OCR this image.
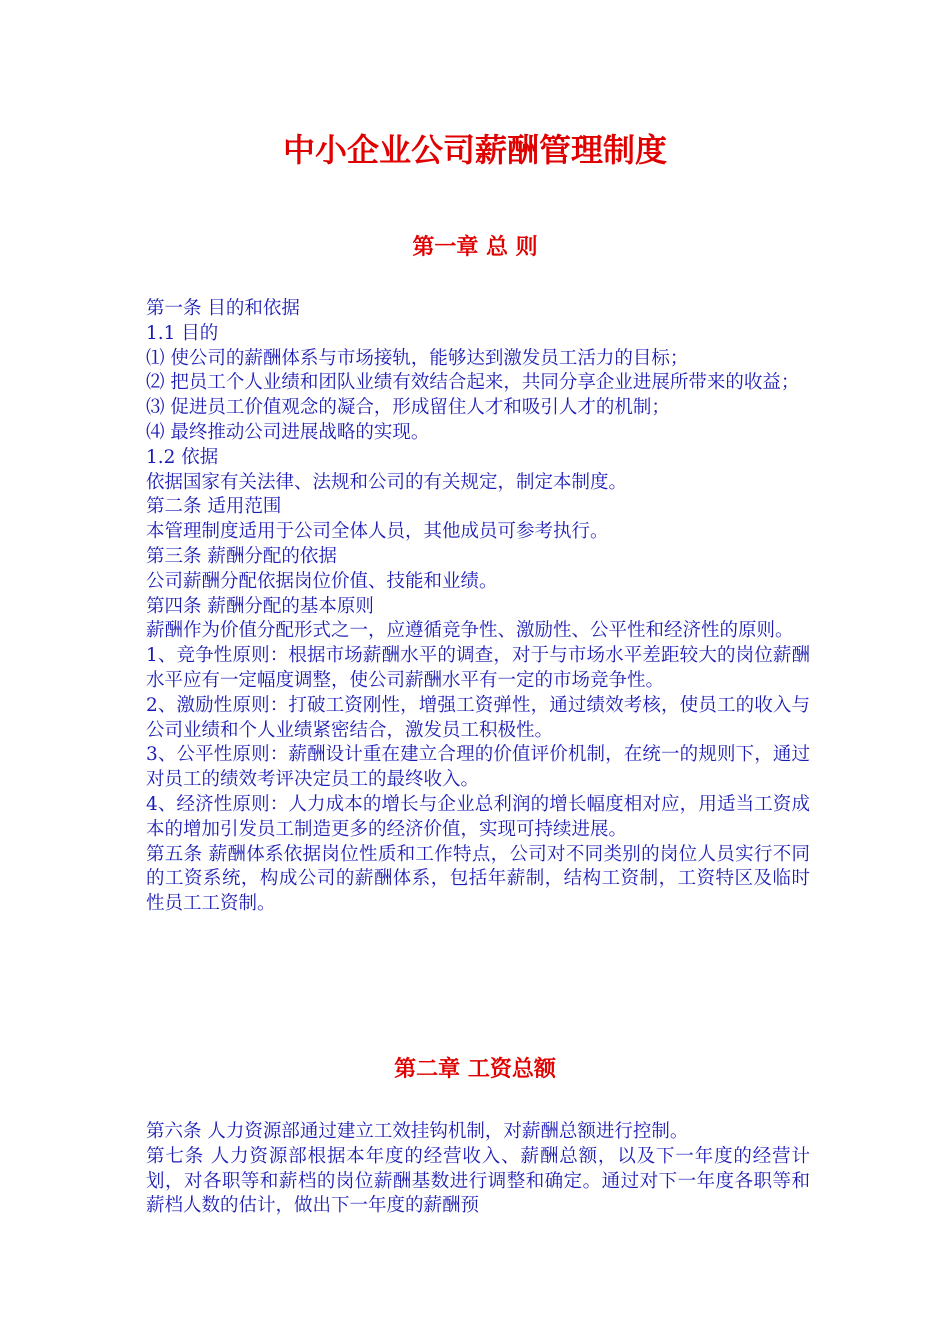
中小企业公司薪酬管理制度
第一章 总 则

第一条 目的和依据

1.1 目的

⑴ 使公司的薪酬体系与市场接轨，能够达到激发员工活力的目标；

⑵ 把员工个人业绩和团队业绩有效结合起来，共同分享企业进展所带来的收益；

⑶ 促进员工价值观念的凝合，形成留住人才和吸引人才的机制；

⑷ 最终推动公司进展战略的实现。

1.2 依据

依据国家有关法律、法规和公司的有关规定，制定本制度。

第二条 适用范围

本管理制度适用于公司全体人员，其他成员可参考执行。

第三条 薪酬分配的依据

公司薪酬分配依据岗位价值、技能和业绩。

第四条 薪酬分配的基本原则

薪酬作为价值分配形式之一，应遵循竞争性、激励性、公平性和经济性的原则。

1、竞争性原则：根据市场薪酬水平的调查，对于与市场水平差距较大的岗位薪酬水平应有一定幅度调整，使公司薪酬水平有一定的市场竞争性。

2、激励性原则：打破工资刚性，增强工资弹性，通过绩效考核，使员工的收入与公司业绩和个人业绩紧密结合，激发员工积极性。

3、公平性原则：薪酬设计重在建立合理的价值评价机制，在统一的规则下，通过对员工的绩效考评决定员工的最终收入。

4、经济性原则：人力成本的增长与企业总利润的增长幅度相对应，用适当工资成本的增加引发员工制造更多的经济价值，实现可持续进展。

第五条 薪酬体系依据岗位性质和工作特点，公司对不同类别的岗位人员实行不同的工资系统，构成公司的薪酬体系，包括年薪制，结构工资制，工资特区及临时性员工工资制。

第二章 工资总额

第六条 人力资源部通过建立工效挂钩机制，对薪酬总额进行控制。

第七条 人力资源部根据本年度的经营收入、薪酬总额，以及下一年度的经营计划，对各职等和薪档的岗位薪酬基数进行调整和确定。通过对下一年度各职等和薪档人数的估计，做出下一年度的薪酬预
